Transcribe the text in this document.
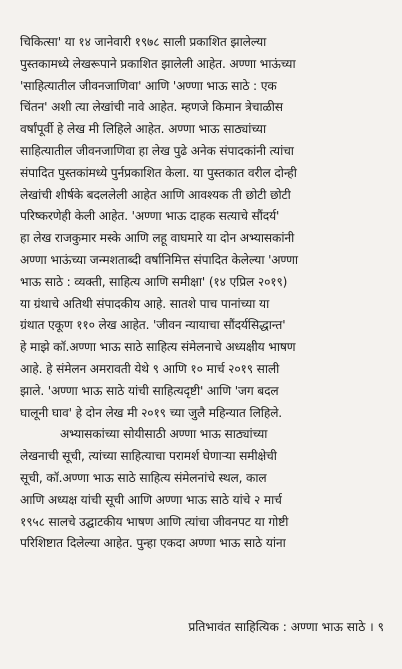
चिकित्सा' या १४ जानेवारी १९७८ साली प्रकाशित झालेल्या
पुस्तकामध्ये लेखरूपाने प्रकाशित झालेली आहेत. अण्णा भाऊंच्या
'साहित्यातील जीवनजाणिवा' आणि 'अण्णा भाऊ साठे : एक
चिंतन' अशी त्या लेखांची नावे आहेत. म्हणजे किमान त्रेचाळीस
वर्षांपूर्वी हे लेख मी लिहिले आहेत. अण्णा भाऊ साठ्यांच्या
साहित्यातील जीवनजाणिवा हा लेख पुढे अनेक संपादकांनी त्यांचा
संपादित पुस्तकांमध्ये पुर्नप्रकाशित केला. या पुस्तकात वरील दोन्ही
लेखांची शीर्षके बदललेली आहेत आणि आवश्यक ती छोटी छोटी
परिष्करणेही केली आहेत. 'अण्णा भाऊ दाहक सत्याचे सौंदर्य'
हा लेख राजकुमार मस्के आणि लहू वाघमारे या दोन अभ्यासकांनी
अण्णा भाऊंच्या जन्मशताब्दी वर्षानिमित्त संपादित केलेल्या 'अण्णा
भाऊ साठे : व्यक्ती, साहित्य आणि समीक्षा' (१४ एप्रिल २०१९)
या ग्रंथाचे अतिथी संपादकीय आहे. सातशे पाच पानांच्या या
ग्रंथात एकूण ११० लेख आहेत. 'जीवन न्यायाचा सौंदर्यसिद्धान्त'
हे माझे कॉ.अण्णा भाऊ साठे साहित्य संमेलनाचे अध्यक्षीय भाषण
आहे. हे संमेलन अमरावती येथे ९ आणि १० मार्च २०१९ साली
झाले. 'अण्णा भाऊ साठे यांची साहित्यदृष्टी' आणि 'जग बदल
घालूनी घाव' हे दोन लेख मी २०१९ च्या जुलै महिन्यात लिहिले.
अभ्यासकांच्या सोयीसाठी अण्णा भाऊ साठ्यांच्या
लेखनाची सूची, त्यांच्या साहित्याचा परामर्श घेणाऱ्या समीक्षेची
सूची, कॉ.अण्णा भाऊ साठे साहित्य संमेलनांचे स्थल, काल
आणि अध्यक्ष यांची सूची आणि अण्णा भाऊ साठे यांचे २ मार्च
१९५८ सालचे उद्घाटकीय भाषण आणि त्यांचा जीवनपट या गोष्टी
परिशिष्टात दिलेल्या आहेत. पुन्हा एकदा अण्णा भाऊ साठे यांना
प्रतिभावंत साहित्यिक : अण्णा भाऊ साठे । ९
